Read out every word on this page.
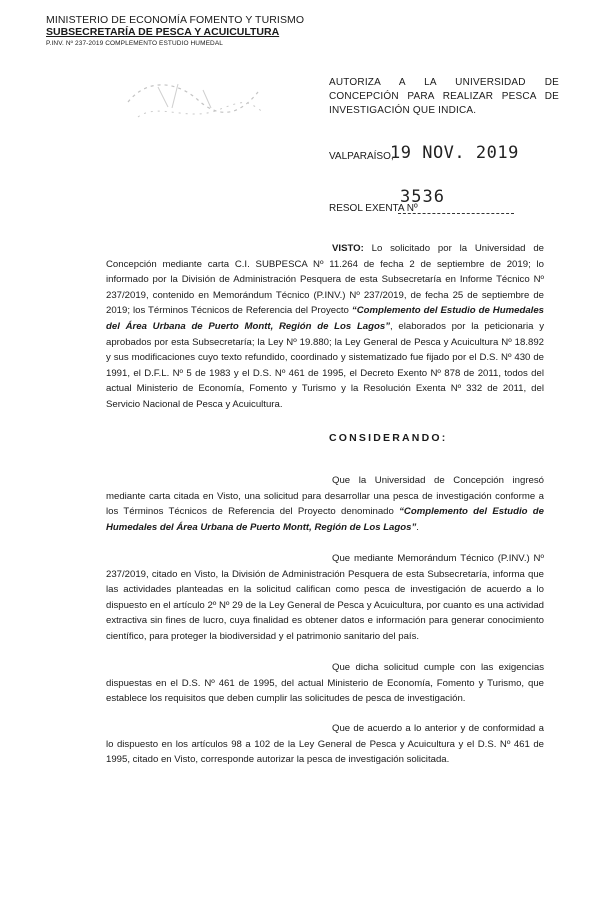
MINISTERIO DE ECONOMÍA FOMENTO Y TURISMO
SUBSECRETARÍA DE PESCA Y ACUICULTURA
P.INV. Nº 237-2019 COMPLEMENTO ESTUDIO HUMEDAL
AUTORIZA A LA UNIVERSIDAD DE CONCEPCIÓN PARA REALIZAR PESCA DE INVESTIGACIÓN QUE INDICA.
VALPARAÍSO,
19 NOV. 2019
RESOL EXENTA Nº
3536
VISTO: Lo solicitado por la Universidad de Concepción mediante carta C.I. SUBPESCA Nº 11.264 de fecha 2 de septiembre de 2019; lo informado por la División de Administración Pesquera de esta Subsecretaría en Informe Técnico Nº 237/2019, contenido en Memorándum Técnico (P.INV.) Nº 237/2019, de fecha 25 de septiembre de 2019; los Términos Técnicos de Referencia del Proyecto “Complemento del Estudio de Humedales del Área Urbana de Puerto Montt, Región de Los Lagos”, elaborados por la peticionaria y aprobados por esta Subsecretaría; la Ley Nº 19.880; la Ley General de Pesca y Acuicultura Nº 18.892 y sus modificaciones cuyo texto refundido, coordinado y sistematizado fue fijado por el D.S. Nº 430 de 1991, el D.F.L. Nº 5 de 1983 y el D.S. Nº 461 de 1995, el Decreto Exento Nº 878 de 2011, todos del actual Ministerio de Economía, Fomento y Turismo y la Resolución Exenta Nº 332 de 2011, del Servicio Nacional de Pesca y Acuicultura.
CONSIDERANDO:
Que la Universidad de Concepción ingresó mediante carta citada en Visto, una solicitud para desarrollar una pesca de investigación conforme a los Términos Técnicos de Referencia del Proyecto denominado “Complemento del Estudio de Humedales del Área Urbana de Puerto Montt, Región de Los Lagos”.
Que mediante Memorándum Técnico (P.INV.) Nº 237/2019, citado en Visto, la División de Administración Pesquera de esta Subsecretaría, informa que las actividades planteadas en la solicitud califican como pesca de investigación de acuerdo a lo dispuesto en el artículo 2º Nº 29 de la Ley General de Pesca y Acuicultura, por cuanto es una actividad extractiva sin fines de lucro, cuya finalidad es obtener datos e información para generar conocimiento científico, para proteger la biodiversidad y el patrimonio sanitario del país.
Que dicha solicitud cumple con las exigencias dispuestas en el D.S. Nº 461 de 1995, del actual Ministerio de Economía, Fomento y Turismo, que establece los requisitos que deben cumplir las solicitudes de pesca de investigación.
Que de acuerdo a lo anterior y de conformidad a lo dispuesto en los artículos 98 a 102 de la Ley General de Pesca y Acuicultura y el D.S. Nº 461 de 1995, citado en Visto, corresponde autorizar la pesca de investigación solicitada.
